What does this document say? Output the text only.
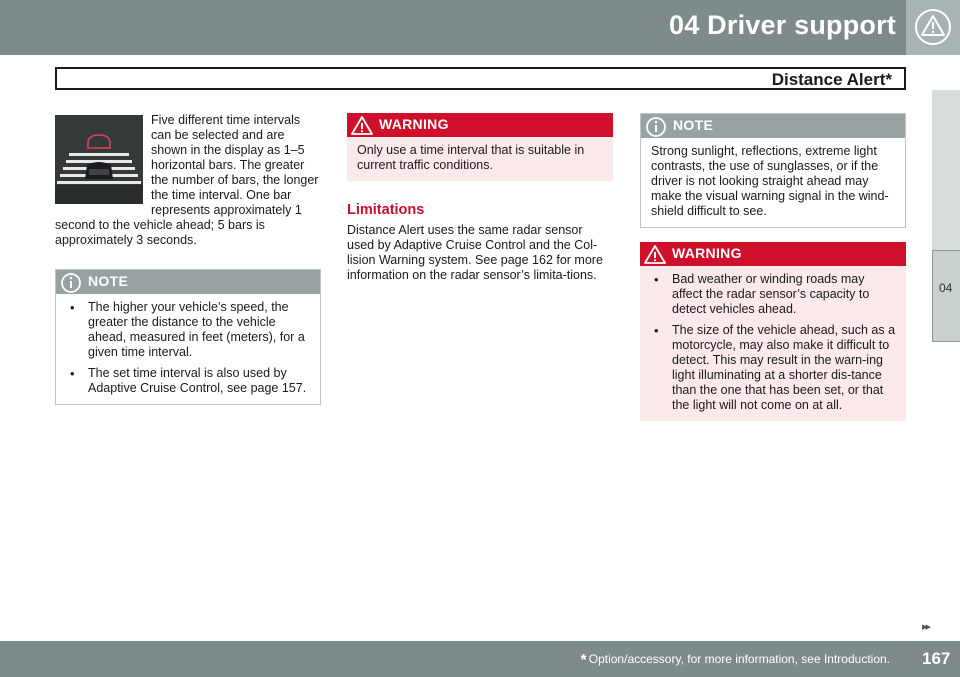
04 Driver support
Distance Alert*
04
Five different time intervals can be selected and are shown in the display as 1–5 horizontal bars. The greater the number of bars, the longer the time interval. One bar represents approximately 1 second to the vehicle ahead; 5 bars is approximately 3 seconds.
NOTE
• The higher your vehicle’s speed, the greater the distance to the vehicle ahead, measured in feet (meters), for a given time interval.
• The set time interval is also used by Adaptive Cruise Control, see page 157.
WARNING
Only use a time interval that is suitable in current traffic conditions.
Limitations
Distance Alert uses the same radar sensor used by Adaptive Cruise Control and the Col-lision Warning system. See page 162 for more information on the radar sensor’s limita-tions.
NOTE
Strong sunlight, reflections, extreme light contrasts, the use of sunglasses, or if the driver is not looking straight ahead may make the visual warning signal in the wind-shield difficult to see.
WARNING
• Bad weather or winding roads may affect the radar sensor’s capacity to detect vehicles ahead.
• The size of the vehicle ahead, such as a motorcycle, may also make it difficult to detect. This may result in the warn-ing light illuminating at a shorter dis-tance than the one that has been set, or that the light will not come on at all.
▸▸
* Option/accessory, for more information, see Introduction. 167
